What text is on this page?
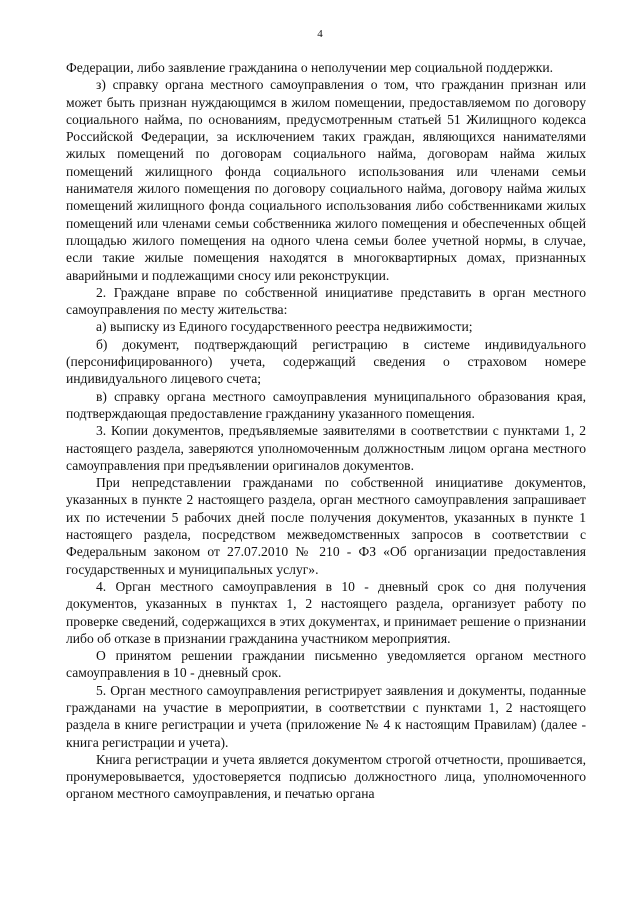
4

Федерации, либо заявление гражданина о неполучении мер социальной поддержки.

з) справку органа местного самоуправления о том, что гражданин признан или может быть признан нуждающимся в жилом помещении, предоставляемом по договору социального найма, по основаниям, предусмотренным статьей 51 Жилищного кодекса Российской Федерации, за исключением таких граждан, являющихся нанимателями жилых помещений по договорам социального найма, договорам найма жилых помещений жилищного фонда социального использования или членами семьи нанимателя жилого помещения по договору социального найма, договору найма жилых помещений жилищного фонда социального использования либо собственниками жилых помещений или членами семьи собственника жилого помещения и обеспеченных общей площадью жилого помещения на одного члена семьи более учетной нормы, в случае, если такие жилые помещения находятся в многоквартирных домах, признанных аварийными и подлежащими сносу или реконструкции.

2. Граждане вправе по собственной инициативе представить в орган местного самоуправления по месту жительства:

а) выписку из Единого государственного реестра недвижимости;

б) документ, подтверждающий регистрацию в системе индивидуального (персонифицированного) учета, содержащий сведения о страховом номере индивидуального лицевого счета;

в) справку органа местного самоуправления муниципального образования края, подтверждающая предоставление гражданину указанного помещения.

3. Копии документов, предъявляемые заявителями в соответствии с пунктами 1, 2 настоящего раздела, заверяются уполномоченным должностным лицом органа местного самоуправления при предъявлении оригиналов документов.

При непредставлении гражданами по собственной инициативе документов, указанных в пункте 2 настоящего раздела, орган местного самоуправления запрашивает их по истечении 5 рабочих дней после получения документов, указанных в пункте 1 настоящего раздела, посредством межведомственных запросов в соответствии с Федеральным законом от 27.07.2010 № 210 - ФЗ «Об организации предоставления государственных и муниципальных услуг».

4. Орган местного самоуправления в 10 - дневный срок со дня получения документов, указанных в пунктах 1, 2 настоящего раздела, организует работу по проверке сведений, содержащихся в этих документах, и принимает решение о признании либо об отказе в признании гражданина участником мероприятия.

О принятом решении граждании письменно уведомляется органом местного самоуправления в 10 - дневный срок.

5. Орган местного самоуправления регистрирует заявления и документы, поданные гражданами на участие в мероприятии, в соответствии с пунктами 1, 2 настоящего раздела в книге регистрации и учета (приложение № 4 к настоящим Правилам) (далее - книга регистрации и учета).

Книга регистрации и учета является документом строгой отчетности, прошивается, пронумеровывается, удостоверяется подписью должностного лица, уполномоченного органом местного самоуправления, и печатью органа
